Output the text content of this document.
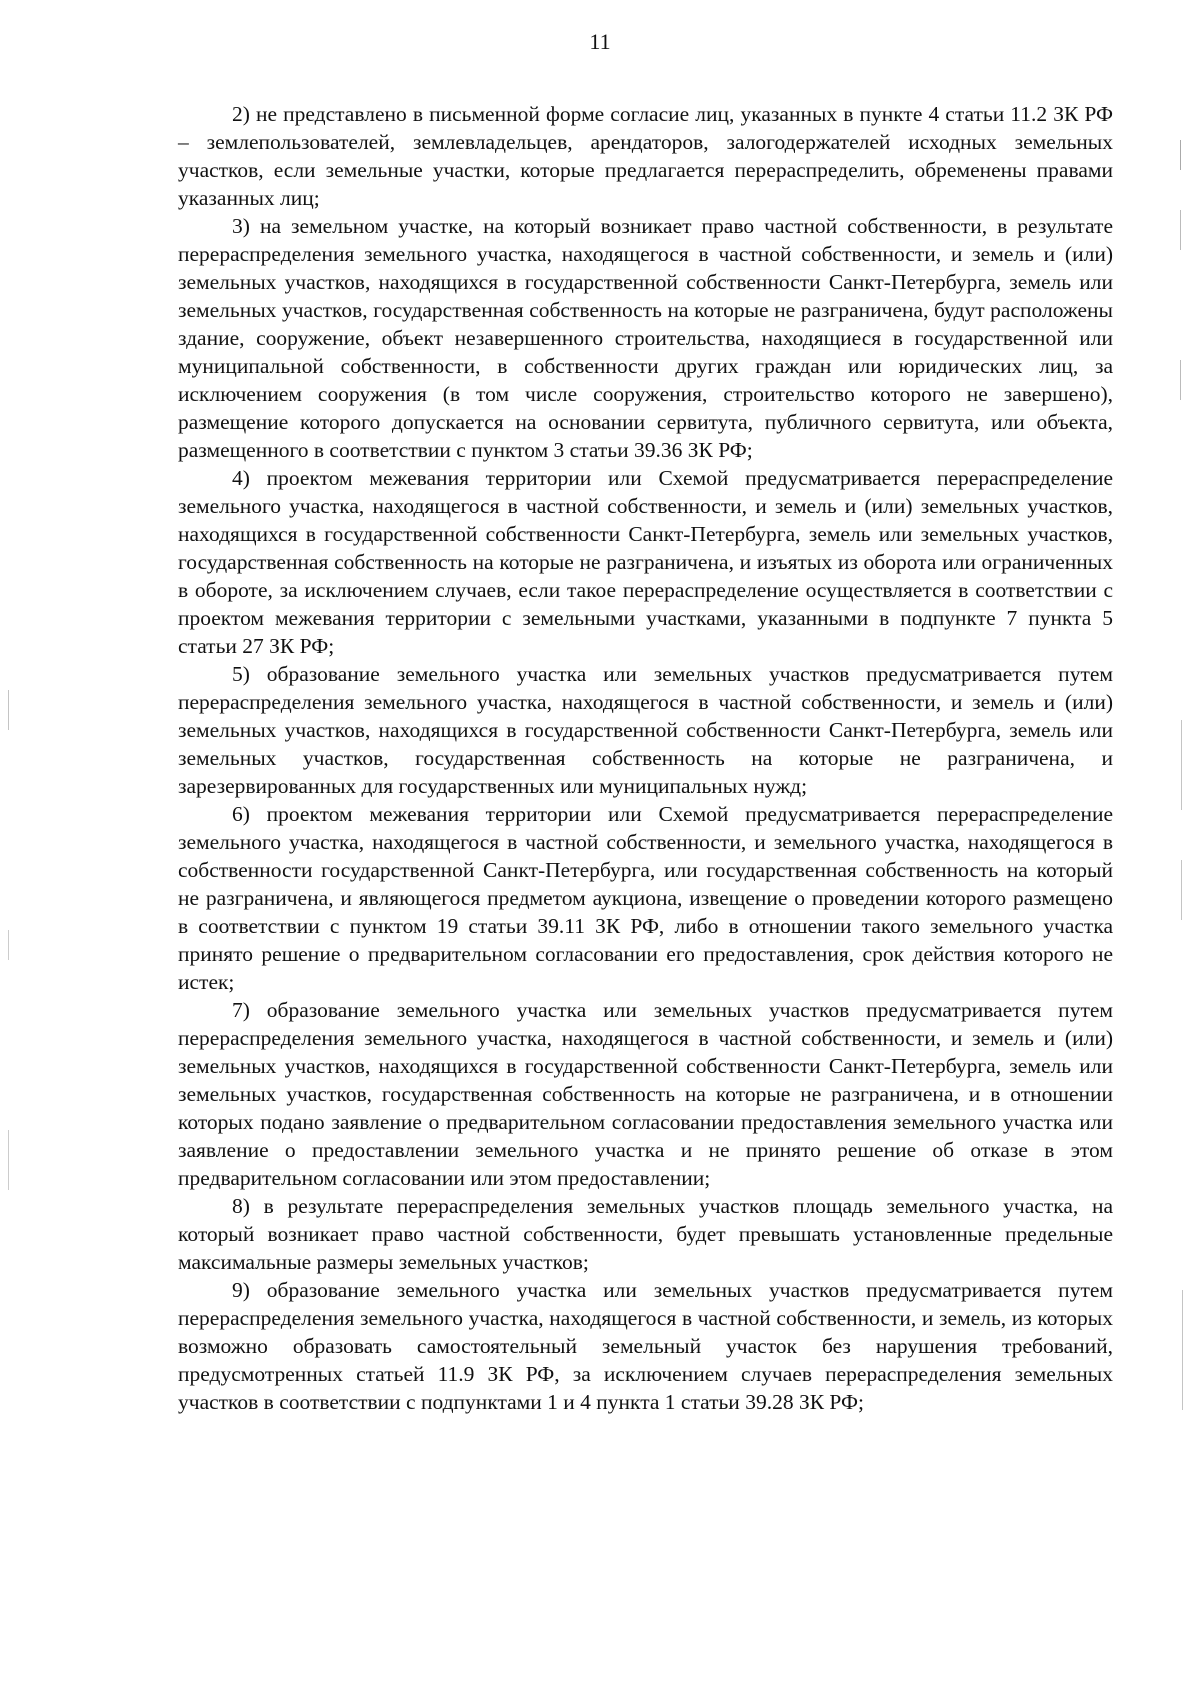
11

2) не представлено в письменной форме согласие лиц, указанных в пункте 4 статьи 11.2 ЗК РФ – землепользователей, землевладельцев, арендаторов, залогодержателей исходных земельных участков, если земельные участки, которые предлагается перераспределить, обременены правами указанных лиц;

3) на земельном участке, на который возникает право частной собственности, в результате перераспределения земельного участка, находящегося в частной собственности, и земель и (или) земельных участков, находящихся в государственной собственности Санкт-Петербурга, земель или земельных участков, государственная собственность на которые не разграничена, будут расположены здание, сооружение, объект незавершенного строительства, находящиеся в государственной или муниципальной собственности, в собственности других граждан или юридических лиц, за исключением сооружения (в том числе сооружения, строительство которого не завершено), размещение которого допускается на основании сервитута, публичного сервитута, или объекта, размещенного в соответствии с пунктом 3 статьи 39.36 ЗК РФ;

4) проектом межевания территории или Схемой предусматривается перераспределение земельного участка, находящегося в частной собственности, и земель и (или) земельных участков, находящихся в государственной собственности Санкт-Петербурга, земель или земельных участков, государственная собственность на которые не разграничена, и изъятых из оборота или ограниченных в обороте, за исключением случаев, если такое перераспределение осуществляется в соответствии с проектом межевания территории с земельными участками, указанными в подпункте 7 пункта 5 статьи 27 ЗК РФ;

5) образование земельного участка или земельных участков предусматривается путем перераспределения земельного участка, находящегося в частной собственности, и земель и (или) земельных участков, находящихся в государственной собственности Санкт-Петербурга, земель или земельных участков, государственная собственность на которые не разграничена, и зарезервированных для государственных или муниципальных нужд;

6) проектом межевания территории или Схемой предусматривается перераспределение земельного участка, находящегося в частной собственности, и земельного участка, находящегося в собственности государственной Санкт-Петербурга, или государственная собственность на который не разграничена, и являющегося предметом аукциона, извещение о проведении которого размещено в соответствии с пунктом 19 статьи 39.11 ЗК РФ, либо в отношении такого земельного участка принято решение о предварительном согласовании его предоставления, срок действия которого не истек;

7) образование земельного участка или земельных участков предусматривается путем перераспределения земельного участка, находящегося в частной собственности, и земель и (или) земельных участков, находящихся в государственной собственности Санкт-Петербурга, земель или земельных участков, государственная собственность на которые не разграничена, и в отношении которых подано заявление о предварительном согласовании предоставления земельного участка или заявление о предоставлении земельного участка и не принято решение об отказе в этом предварительном согласовании или этом предоставлении;

8) в результате перераспределения земельных участков площадь земельного участка, на который возникает право частной собственности, будет превышать установленные предельные максимальные размеры земельных участков;

9) образование земельного участка или земельных участков предусматривается путем перераспределения земельного участка, находящегося в частной собственности, и земель, из которых возможно образовать самостоятельный земельный участок без нарушения требований, предусмотренных статьей 11.9 ЗК РФ, за исключением случаев перераспределения земельных участков в соответствии с подпунктами 1 и 4 пункта 1 статьи 39.28 ЗК РФ;
